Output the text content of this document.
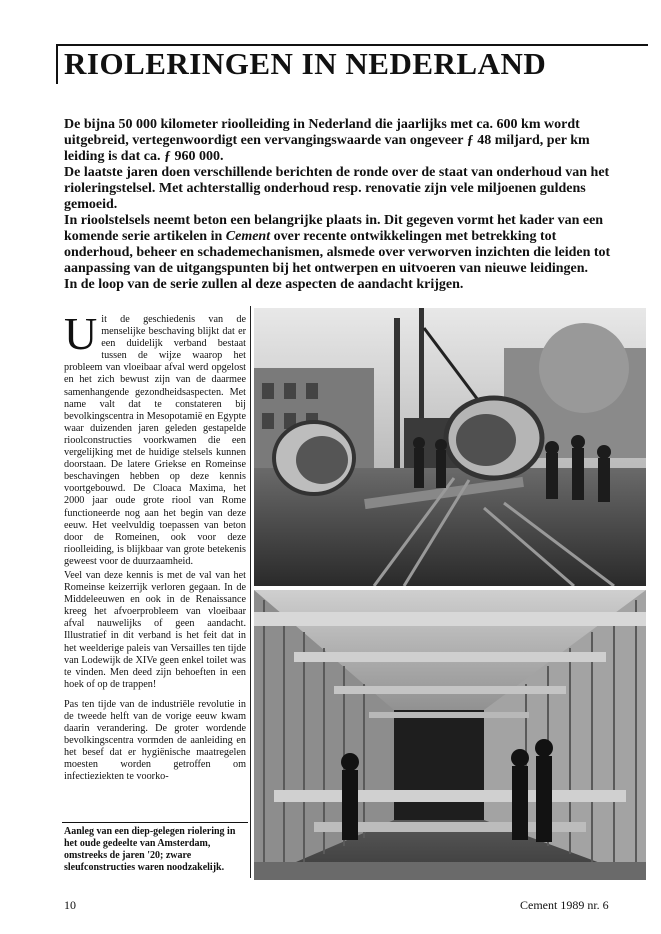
RIOLERINGEN IN NEDERLAND

De bijna 50 000 kilometer rioolleiding in Nederland die jaarlijks met ca. 600 km wordt uitgebreid, vertegenwoordigt een vervangingswaarde van ongeveer ƒ 48 miljard, per km leiding is dat ca. ƒ 960 000.

De laatste jaren doen verschillende berichten de ronde over de staat van onderhoud van het rioleringstelsel. Met achterstallig onderhoud resp. renovatie zijn vele miljoenen guldens gemoeid.

In rioolstelsels neemt beton een belangrijke plaats in. Dit gegeven vormt het kader van een komende serie artikelen in Cement over recente ontwikkelingen met betrekking tot onderhoud, beheer en schademechanismen, alsmede over verworven inzichten die leiden tot aanpassing van de uitgangspunten bij het ontwerpen en uitvoeren van nieuwe leidingen.

In de loop van de serie zullen al deze aspecten de aandacht krijgen.

Uit de geschiedenis van de menselijke beschaving blijkt dat er een duidelijk verband bestaat tussen de wijze waarop het probleem van vloeibaar afval werd opgelost en het zich bewust zijn van de daarmee samenhangende gezondheidsaspecten. Met name valt dat te constateren bij bevolkingscentra in Mesopotamië en Egypte waar duizenden jaren geleden gestapelde rioolconstructies voorkwamen die een vergelijking met de huidige stelsels kunnen doorstaan. De latere Griekse en Romeinse beschavingen hebben op deze kennis voortgebouwd. De Cloaca Maxima, het 2000 jaar oude grote riool van Rome functioneerde nog aan het begin van deze eeuw. Het veelvuldig toepassen van beton door de Romeinen, ook voor deze rioolleiding, is blijkbaar van grote betekenis geweest voor de duurzaamheid.

Veel van deze kennis is met de val van het Romeinse keizerrijk verloren gegaan. In de Middeleeuwen en ook in de Renaissance kreeg het afvoerprobleem van vloeibaar afval nauwelijks of geen aandacht. Illustratief in dit verband is het feit dat in het weelderige paleis van Versailles ten tijde van Lodewijk de XIVe geen enkel toilet was te vinden. Men deed zijn behoeften in een hoek of op de trappen!

Pas ten tijde van de industriële revolutie in de tweede helft van de vorige eeuw kwam daarin verandering. De groter wordende bevolkingscentra vormden de aanleiding en het besef dat er hygiënische maatregelen moesten worden getroffen om infectieziekten te voorko-

Aanleg van een diep-gelegen riolering in het oude gedeelte van Amsterdam, omstreeks de jaren '20; zware sleufconstructies waren noodzakelijk.
10	Cement 1989 nr. 6
